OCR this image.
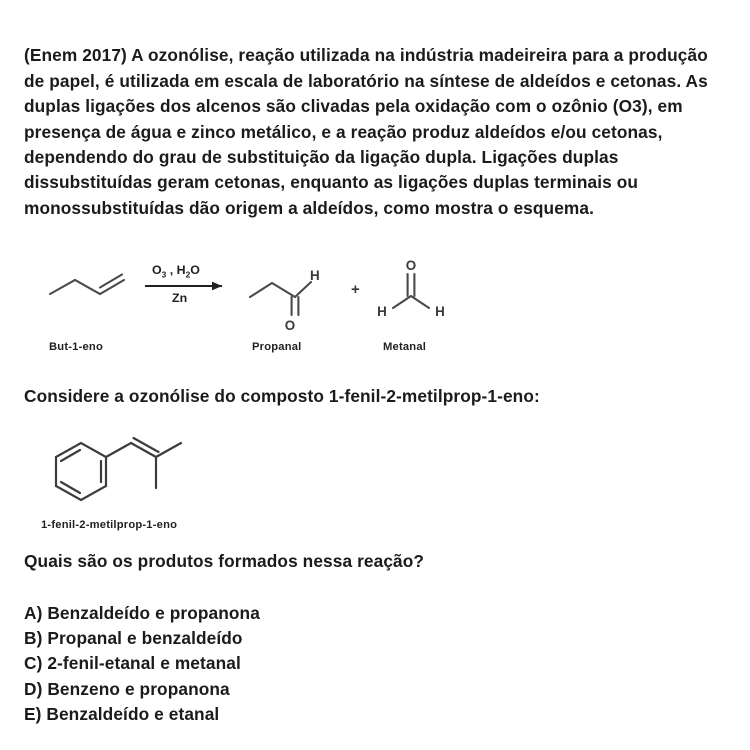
(Enem 2017) A ozonólise, reação utilizada na indústria madeireira para a produção de papel, é utilizada em escala de laboratório na síntese de aldeídos e cetonas. As duplas ligações dos alcenos são clivadas pela oxidação com o ozônio (O3), em presença de água e zinco metálico, e a reação produz aldeídos e/ou cetonas, dependendo do grau de substituição da ligação dupla. Ligações duplas dissubstituídas geram cetonas, enquanto as ligações duplas terminais ou monossubstituídas dão origem a aldeídos, como mostra o esquema.

$O_3$ , $H_2O$
Zn
H
O
+
O
H	H
But-1-eno	Propanal	Metanal
Considere a ozonólise do composto 1-fenil-2-metilprop-1-eno:
1-fenil-2-metilprop-1-eno
Quais são os produtos formados nessa reação?
A) Benzaldeído e propanona
B) Propanal e benzaldeído
C) 2-fenil-etanal e metanal
D) Benzeno e propanona
E) Benzaldeído e etanal
